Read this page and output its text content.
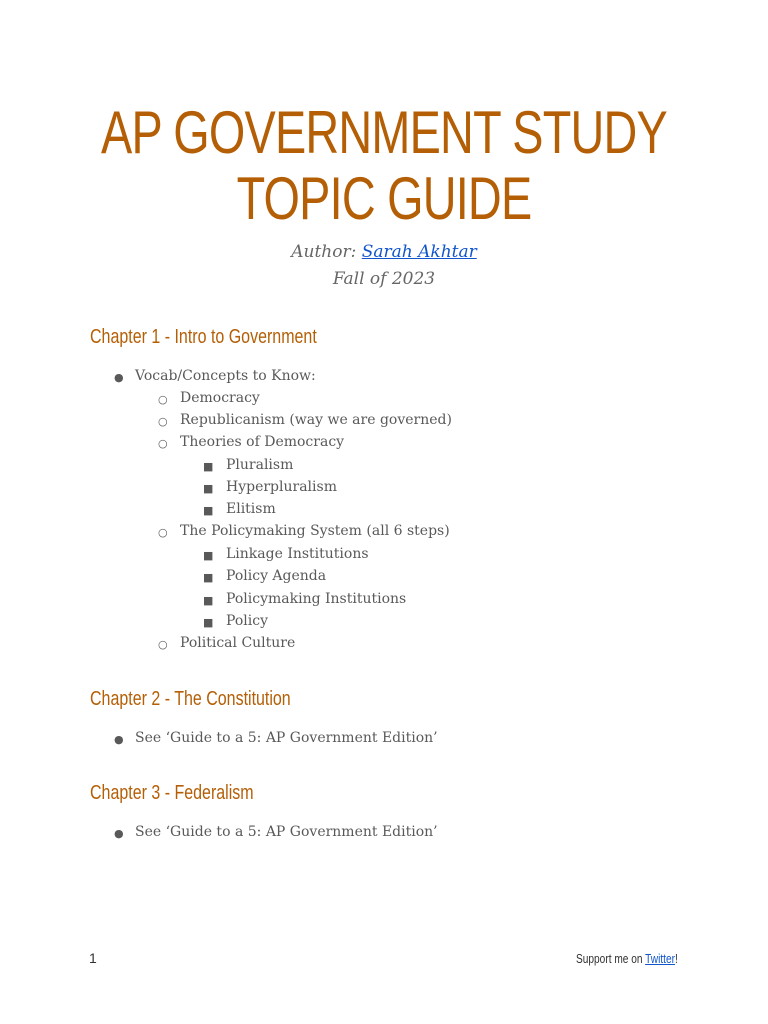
AP GOVERNMENT STUDY
TOPIC GUIDE
Author: Sarah Akhtar
Fall of 2023
Chapter 1 - Intro to Government
● Vocab/Concepts to Know:
○ Democracy
○ Republicanism (way we are governed)
○ Theories of Democracy
■ Pluralism
■ Hyperpluralism
■ Elitism
○ The Policymaking System (all 6 steps)
■ Linkage Institutions
■ Policy Agenda
■ Policymaking Institutions
■ Policy
○ Political Culture
Chapter 2 - The Constitution
● See ‘Guide to a 5: AP Government Edition’
Chapter 3 - Federalism
● See ‘Guide to a 5: AP Government Edition’
1	Support me on Twitter!
